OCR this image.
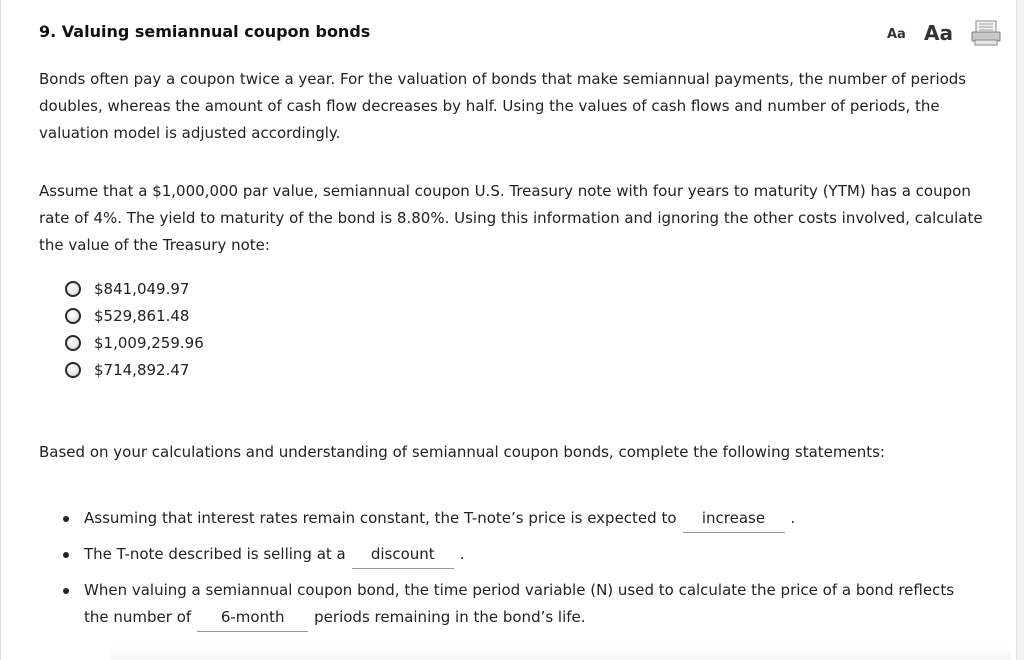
9. Valuing semiannual coupon bonds	Aa Aa

Bonds often pay a coupon twice a year. For the valuation of bonds that make semiannual payments, the number of periods doubles, whereas the amount of cash flow decreases by half. Using the values of cash flows and number of periods, the valuation model is adjusted accordingly.

Assume that a $1,000,000 par value, semiannual coupon U.S. Treasury note with four years to maturity (YTM) has a coupon rate of 4%. The yield to maturity of the bond is 8.80%. Using this information and ignoring the other costs involved, calculate the value of the Treasury note:

$841,049.97
$529,861.48
$1,009,259.96
$714,892.47

Based on your calculations and understanding of semiannual coupon bonds, complete the following statements:

Assuming that interest rates remain constant, the T-note’s price is expected to increase .
The T-note described is selling at a discount .
When valuing a semiannual coupon bond, the time period variable (N) used to calculate the price of a bond reflects the number of 6-month periods remaining in the bond’s life.
